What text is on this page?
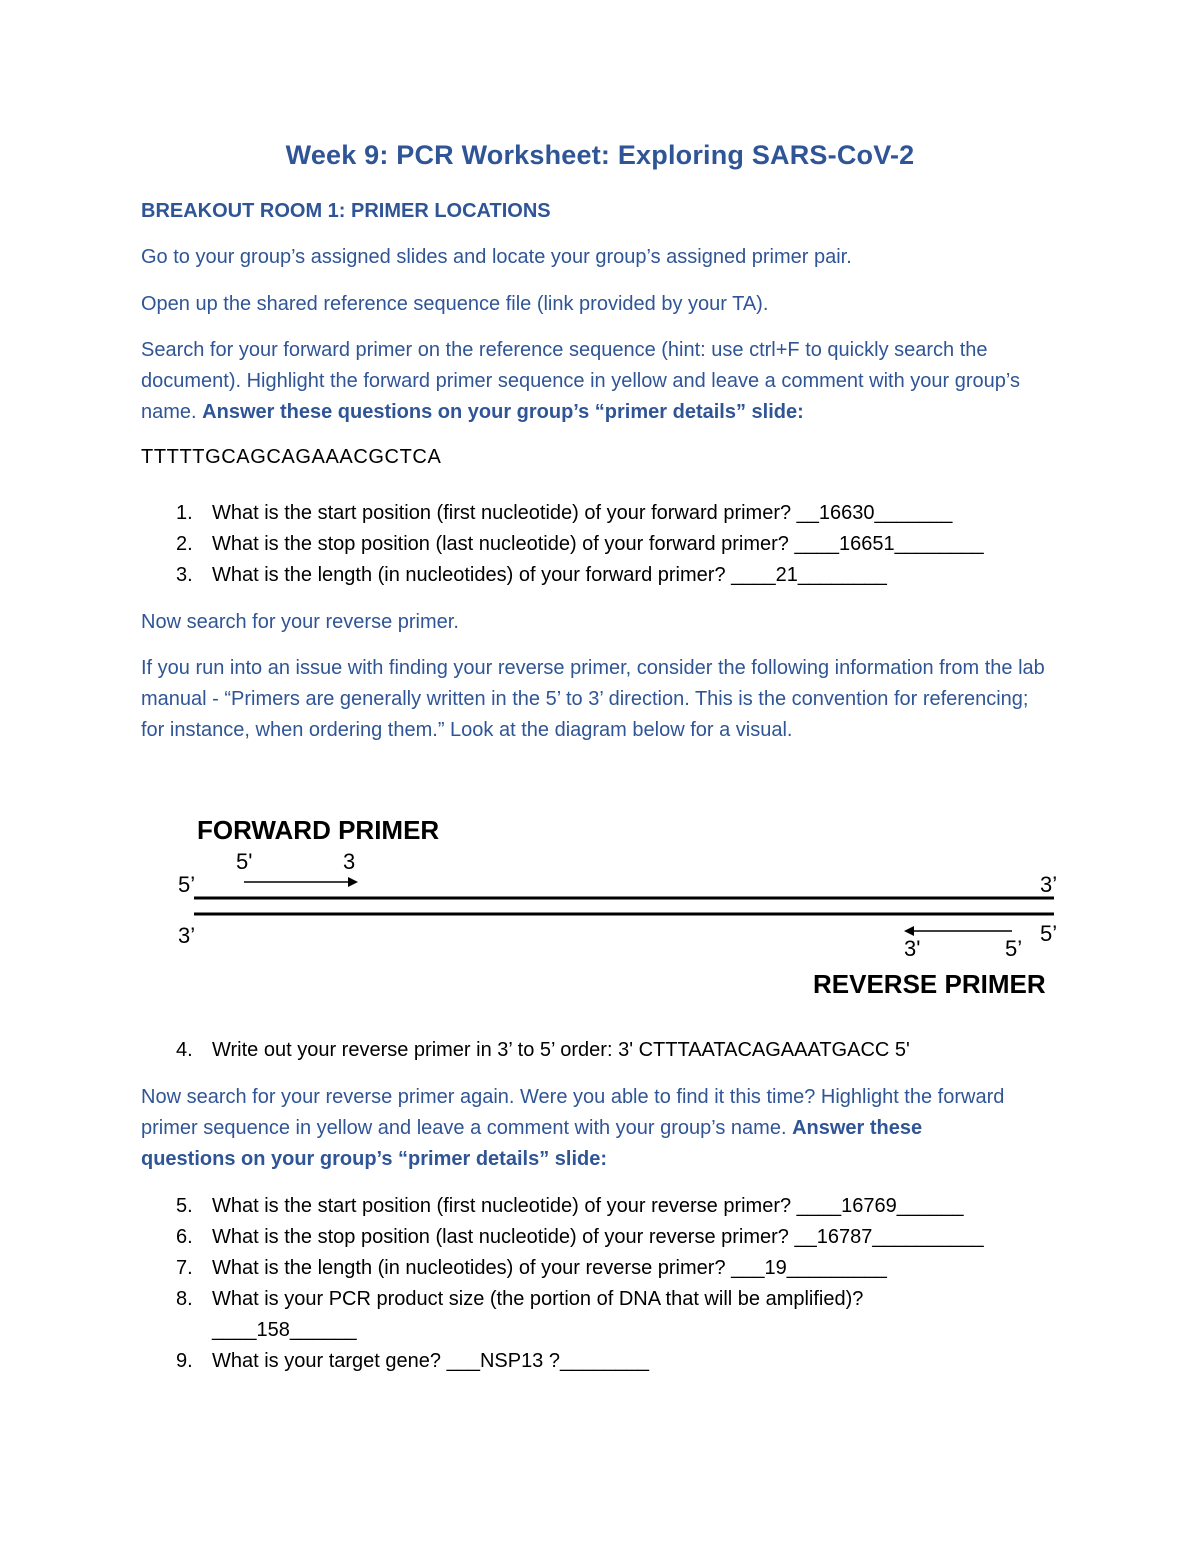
Week 9: PCR Worksheet: Exploring SARS-CoV-2
BREAKOUT ROOM 1: PRIMER LOCATIONS
Go to your group’s assigned slides and locate your group’s assigned primer pair.
Open up the shared reference sequence file (link provided by your TA).
Search for your forward primer on the reference sequence (hint: use ctrl+F to quickly search the document). Highlight the forward primer sequence in yellow and leave a comment with your group’s name. Answer these questions on your group’s “primer details” slide:
TTTTTGCAGCAGAAACGCTCA
1. What is the start position (first nucleotide) of your forward primer? __16630_______
2. What is the stop position (last nucleotide) of your forward primer? ____16651________
3. What is the length (in nucleotides) of your forward primer? ____21________
Now search for your reverse primer.
If you run into an issue with finding your reverse primer, consider the following information from the lab manual - “Primers are generally written in the 5’ to 3’ direction. This is the convention for referencing; for instance, when ordering them.” Look at the diagram below for a visual.
FORWARD PRIMER
5'	3
5’	3’
3’	5’
3'	5’
REVERSE PRIMER
4. Write out your reverse primer in 3’ to 5’ order: 3' CTTTAATACAGAAATGACC 5'
Now search for your reverse primer again. Were you able to find it this time? Highlight the forward primer sequence in yellow and leave a comment with your group’s name. Answer these questions on your group’s “primer details” slide:
5. What is the start position (first nucleotide) of your reverse primer? ____16769______
6. What is the stop position (last nucleotide) of your reverse primer? __16787__________
7. What is the length (in nucleotides) of your reverse primer? ___19_________
8. What is your PCR product size (the portion of DNA that will be amplified)? ____158______
9. What is your target gene? ___NSP13 ?________
